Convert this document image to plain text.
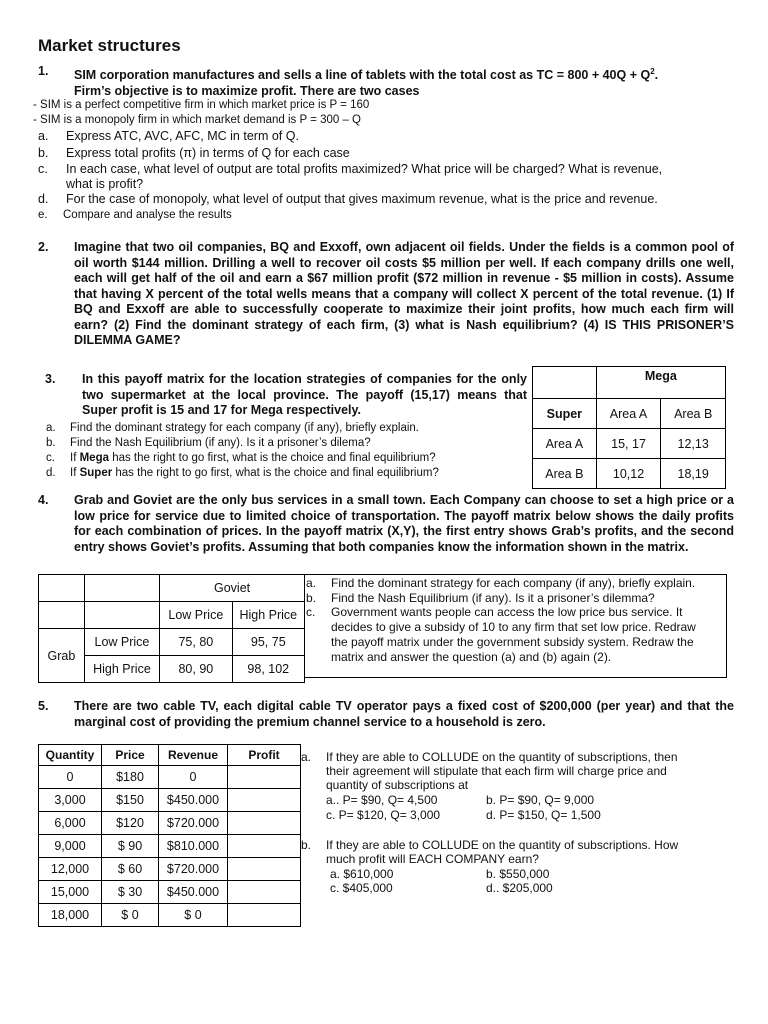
Market structures
1. SIM corporation manufactures and sells a line of tablets with the total cost as TC = $800 + 40Q + Q^2$.
Firm’s objective is to maximize profit. There are two cases
- SIM is a perfect competitive firm in which market price is P = 160
- SIM is a monopoly firm in which market demand is P = 300 – Q
a. Express ATC, AVC, AFC, MC in term of Q.
b. Express total profits (π) in terms of Q for each case
c. In each case, what level of output are total profits maximized? What price will be charged? What is revenue,
what is profit?
d. For the case of monopoly, what level of output that gives maximum revenue, what is the price and revenue.
e. Compare and analyse the results
2. Imagine that two oil companies, BQ and Exxoff, own adjacent oil fields. Under the fields is a common pool of oil worth $144 million. Drilling a well to recover oil costs $5 million per well. If each company drills one well, each will get half of the oil and earn a $67 million profit ($72 million in revenue - $5 million in costs). Assume that having X percent of the total wells means that a company will collect X percent of the total revenue. (1) If BQ and Exxoff are able to successfully cooperate to maximize their joint profits, how much each firm will earn? (2) Find the dominant strategy of each firm, (3) what is Nash equilibrium? (4) IS THIS PRISONER’S DILEMMA GAME?
3. In this payoff matrix for the location strategies of companies for the only two supermarket at the local province. The payoff (15,17) means that Super profit is 15 and 17 for Mega respectively.
a. Find the dominant strategy for each company (if any), briefly explain.
b. Find the Nash Equilibrium (if any). Is it a prisoner’s dilema?
c. If Mega has the right to go first, what is the choice and final equilibrium?
d. If Super has the right to go first, what is the choice and final equilibrium?
	Mega	
Super	Area A	Area B
Area A	15, 17	12,13
Area B	10,12	18,19
4. Grab and Goviet are the only bus services in a small town. Each Company can choose to set a high price or a low price for service due to limited choice of transportation. The payoff matrix below shows the daily profits for each combination of prices. In the payoff matrix (X,Y), the first entry shows Grab’s profits, and the second entry shows Goviet’s profits. Assuming that both companies know the information shown in the matrix.
		Goviet	
		Low Price	High Price
Grab	Low Price	75, 80	95, 75
	High Price	80, 90	98, 102
a. Find the dominant strategy for each company (if any), briefly explain.
b. Find the Nash Equilibrium (if any). Is it a prisoner’s dilemma?
c. Government wants people can access the low price bus service. It
decides to give a subsidy of 10 to any firm that set low price. Redraw
the payoff matrix under the government subsidy system. Redraw the
matrix and answer the question (a) and (b) again (2).
5. There are two cable TV, each digital cable TV operator pays a fixed cost of $200,000 (per year) and that the marginal cost of providing the premium channel service to a household is zero.
Quantity	Price	Revenue	Profit
0	$180	0	
3,000	$150	$450.000	
6,000	$120	$720.000	
9,000	$ 90	$810.000	
12,000	$ 60	$720.000	
15,000	$ 30	$450.000	
18,000	$ 0	$ 0	
a. If they are able to COLLUDE on the quantity of subscriptions, then
their agreement will stipulate that each firm will charge price and
quantity of subscriptions at
a.. P= $90, Q= 4,500	b. P= $90, Q= 9,000
c. P= $120, Q= 3,000	d. P= $150, Q= 1,500
b. If they are able to COLLUDE on the quantity of subscriptions. How
much profit will EACH COMPANY earn?
a. $610,000	b. $550,000
c. $405,000	d.. $205,000
